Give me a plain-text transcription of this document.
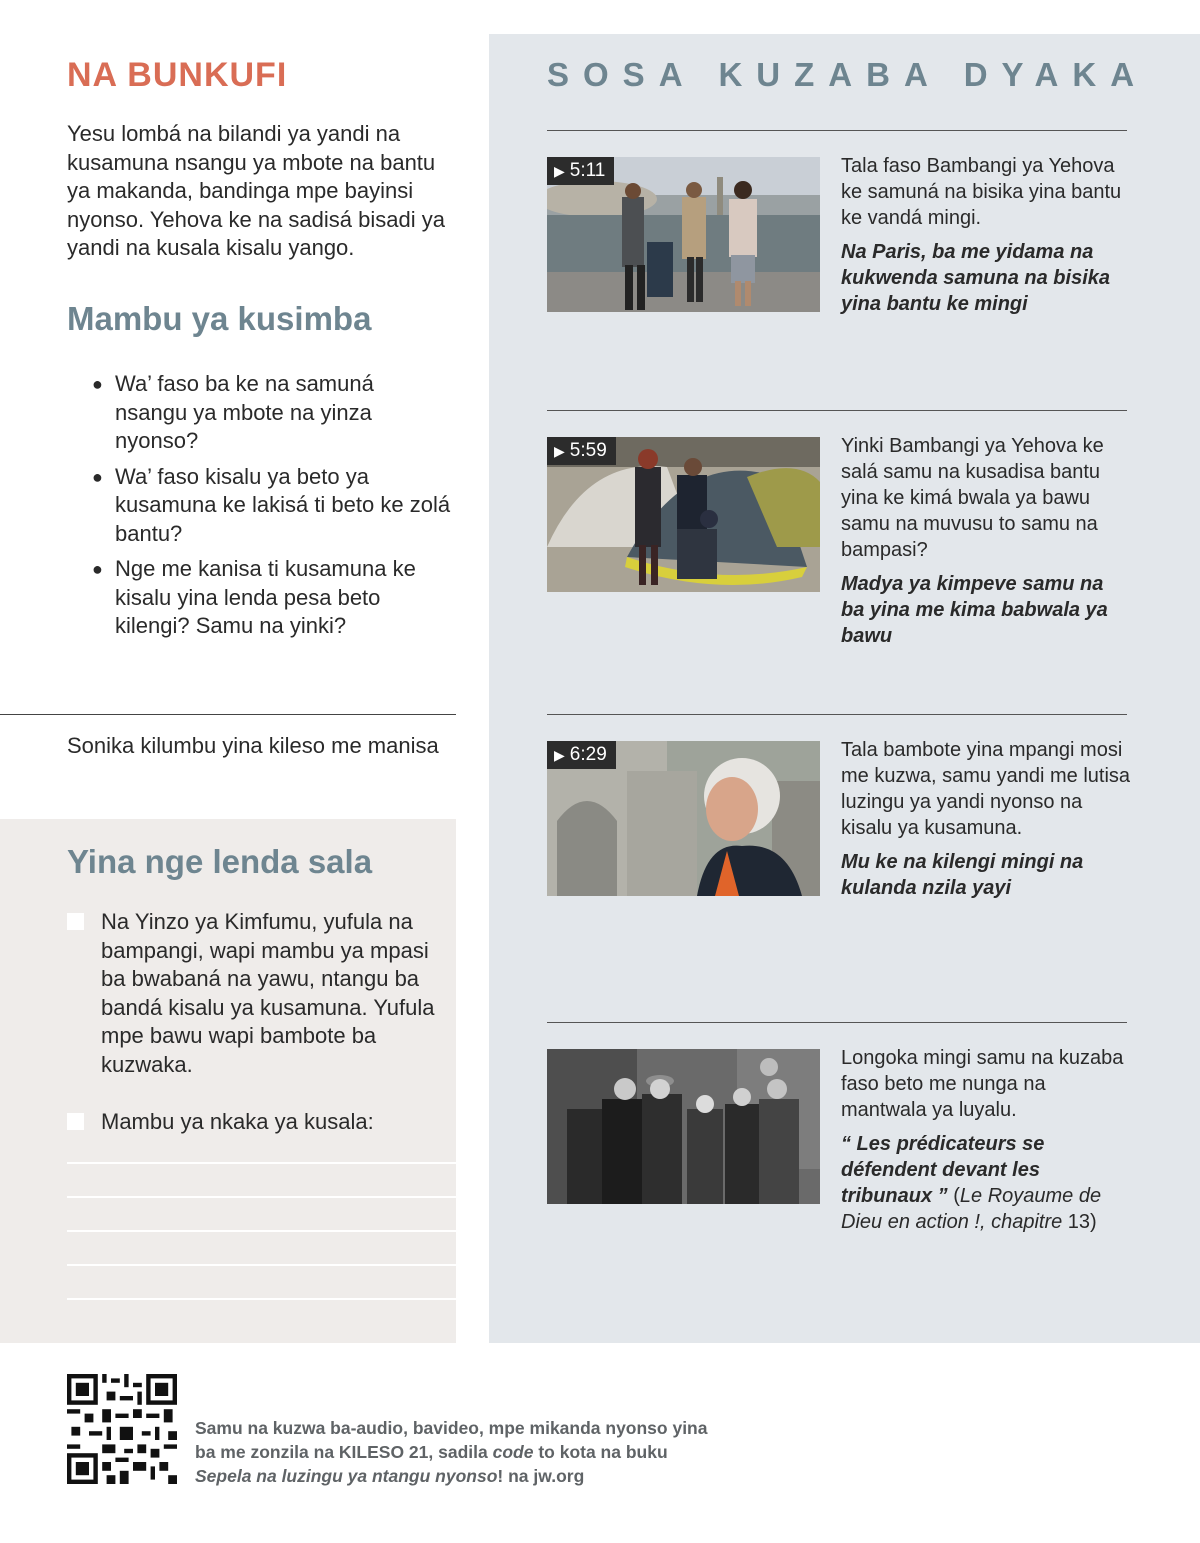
NA BUNKUFI

Yesu lombá na bilandi ya yandi na kusamuna nsangu ya mbote na bantu ya makanda, bandinga mpe bayinsi nyonso. Yehova ke na sadisá bisadi ya yandi na kusala kisalu yango.

Mambu ya kusimba
● Wa’ faso ba ke na samuná nsangu ya mbote na yinza nyonso?
● Wa’ faso kisalu ya beto ya kusamuna ke lakisá ti beto ke zolá bantu?
● Nge me kanisa ti kusamuna ke kisalu yina lenda pesa beto kilengi? Samu na yinki?

Sonika kilumbu yina kileso me manisa

Yina nge lenda sala
Na Yinzo ya Kimfumu, yufula na bampangi, wapi mambu ya mpasi ba bwabaná na yawu, ntangu ba bandá kisalu ya kusamuna. Yufula mpe bawu wapi bambote ba kuzwaka.
Mambu ya nkaka ya kusala:
SOSA KUZABA DYAKA
▶ 5:11	Tala faso Bambangi ya Yehova ke samuná na bisika yina bantu ke vandá mingi.

Na Paris, ba me yidama na kukwenda samuna na bisika yina bantu ke mingi

▶ 5:59	Yinki Bambangi ya Yehova ke salá samu na kusadisa bantu yina ke kimá bwala ya bawu samu na muvusu to samu na bampasi?

Madya ya kimpeve samu na ba yina me kima babwala ya bawu

▶ 6:29	Tala bambote yina mpangi mosi me kuzwa, samu yandi me lutisa luzingu ya yandi nyonso na kisalu ya kusamuna.

Mu ke na kilengi mingi na kulanda nzila yayi

Longoka mingi samu na kuzaba faso beto me nunga na mantwala ya luyalu.

“ Les prédicateurs se défendent devant les tribunaux ” (Le Royaume de Dieu en action !, chapitre 13)

Samu na kuzwa ba-audio, bavideo, mpe mikanda nyonso yina ba me zonzila na KILESO 21, sadila code to kota na buku Sepela na luzingu ya ntangu nyonso! na jw.org
